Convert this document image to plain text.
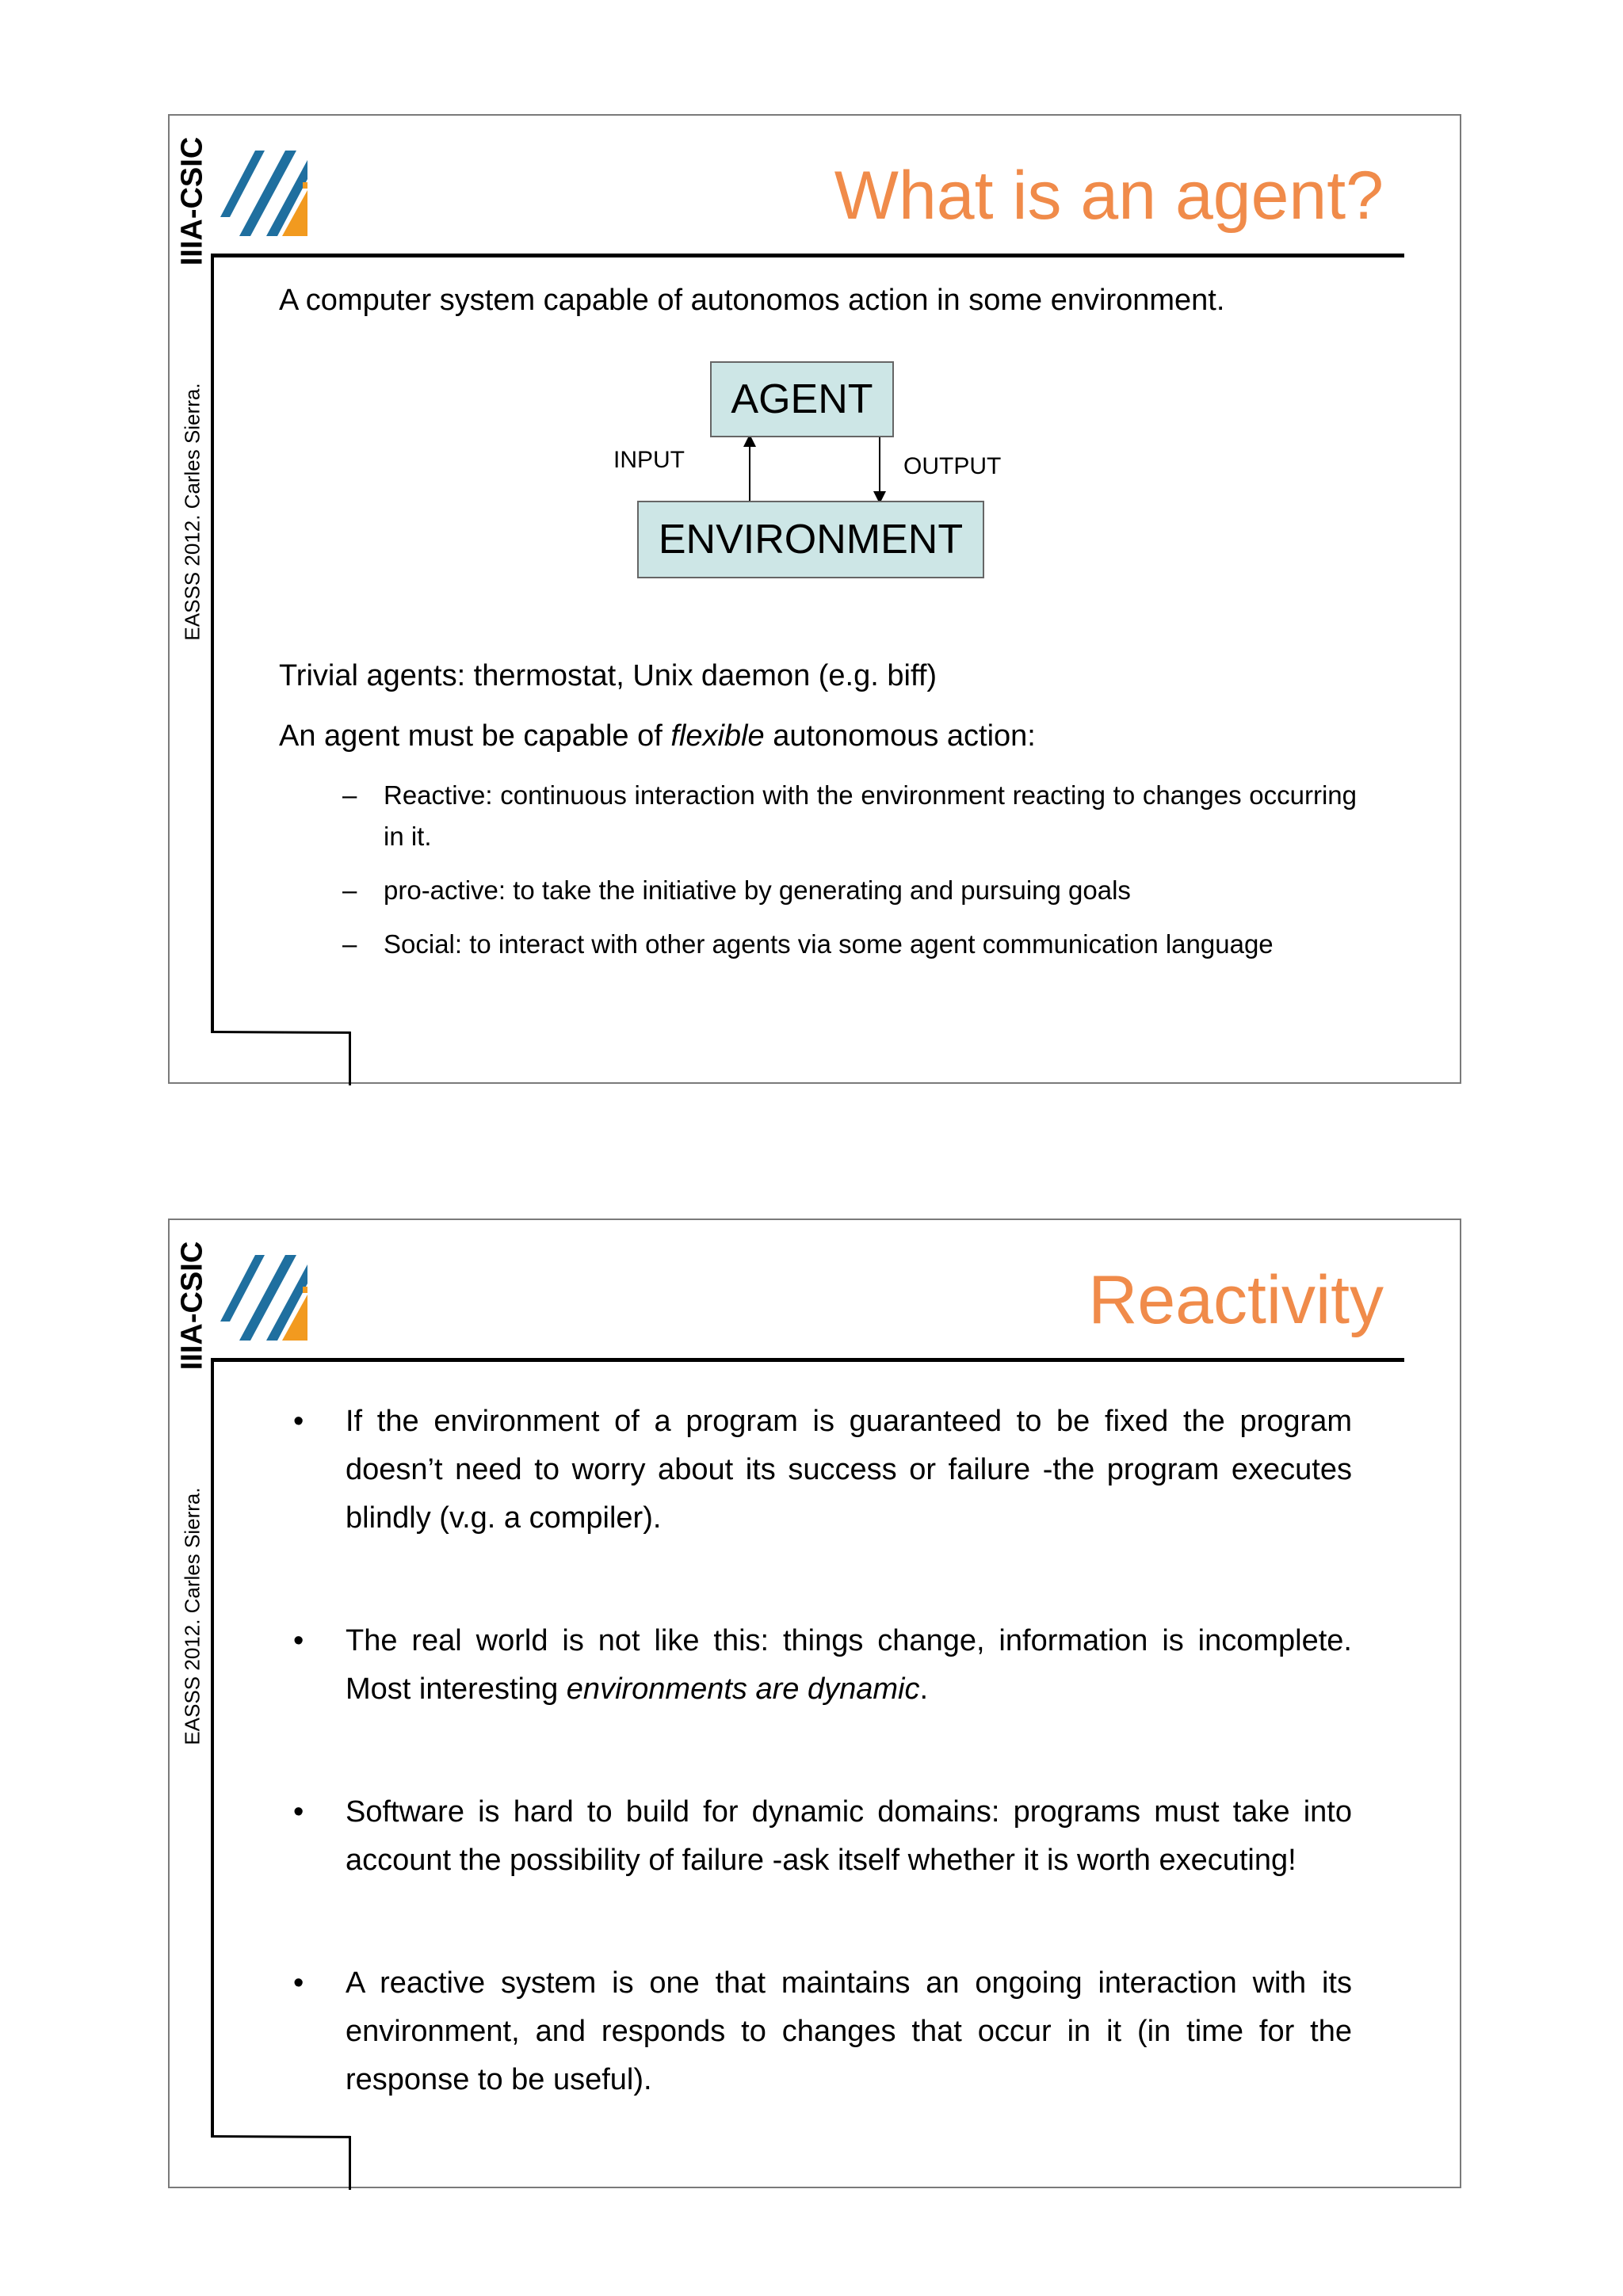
IIIA-CSIC
EASSS 2012. Carles Sierra.
What is an agent?
A computer system capable of autonomos action in some environment.
AGENT
ENVIRONMENT
INPUT	OUTPUT
Trivial agents: thermostat, Unix daemon (e.g. biff)
An agent must be capable of flexible autonomous action:
– Reactive: continuous interaction with the environment reacting to changes occurring in it.
– pro-active: to take the initiative by generating and pursuing goals
– Social: to interact with other agents via some agent communication language
IIIA-CSIC
EASSS 2012. Carles Sierra.
Reactivity
• If the environment of a program is guaranteed to be fixed the program doesn’t need to worry about its success or failure -the program executes blindly (v.g. a compiler).
• The real world is not like this: things change, information is incomplete. Most interesting environments are dynamic.
• Software is hard to build for dynamic domains: programs must take into account the possibility of failure -ask itself whether it is worth executing!
• A reactive system is one that maintains an ongoing interaction with its environment, and responds to changes that occur in it (in time for the response to be useful).
